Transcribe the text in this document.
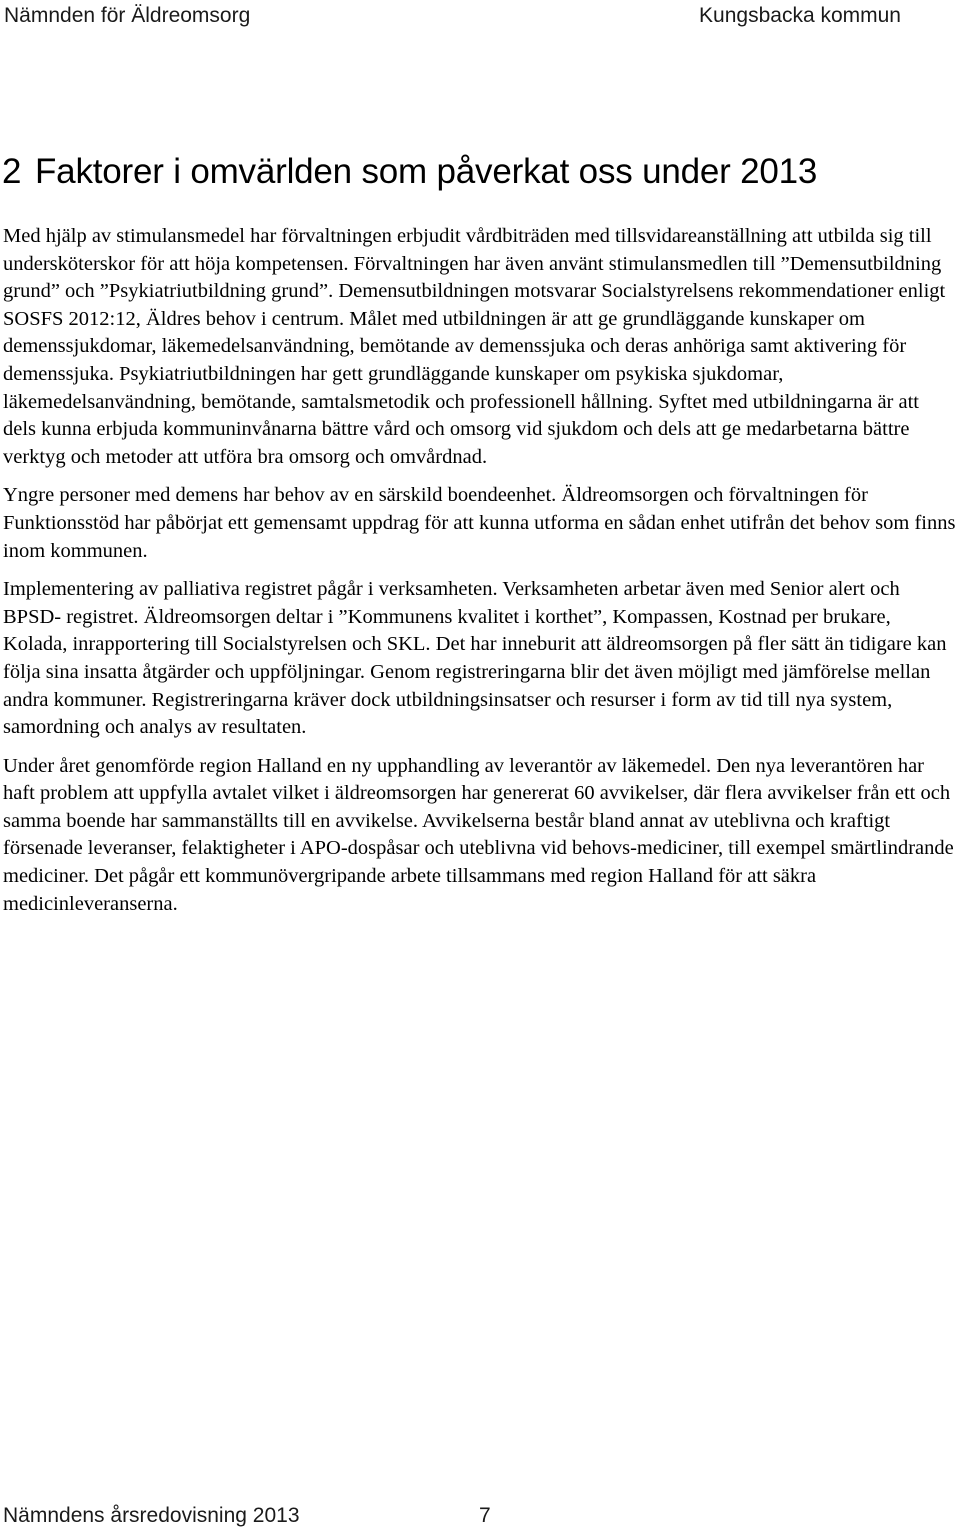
Nämnden för Äldreomsorg	Kungsbacka kommun
2 Faktorer i omvärlden som påverkat oss under 2013

Med hjälp av stimulansmedel har förvaltningen erbjudit vårdbiträden med tillsvidareanställning att utbilda sig till undersköterskor för att höja kompetensen. Förvaltningen har även använt stimulansmedlen till ”Demensutbildning grund” och ”Psykiatriutbildning grund”. Demensutbildningen motsvarar Socialstyrelsens rekommendationer enligt SOSFS 2012:12, Äldres behov i centrum. Målet med utbildningen är att ge grundläggande kunskaper om demenssjukdomar, läkemedelsanvändning, bemötande av demenssjuka och deras anhöriga samt aktivering för demenssjuka. Psykiatriutbildningen har gett grundläggande kunskaper om psykiska sjukdomar, läkemedelsanvändning, bemötande, samtalsmetodik och professionell hållning. Syftet med utbildningarna är att dels kunna erbjuda kommuninvånarna bättre vård och omsorg vid sjukdom och dels att ge medarbetarna bättre verktyg och metoder att utföra bra omsorg och omvårdnad.

Yngre personer med demens har behov av en särskild boendeenhet. Äldreomsorgen och förvaltningen för Funktionsstöd har påbörjat ett gemensamt uppdrag för att kunna utforma en sådan enhet utifrån det behov som finns inom kommunen.

Implementering av palliativa registret pågår i verksamheten. Verksamheten arbetar även med Senior alert och BPSD- registret. Äldreomsorgen deltar i ”Kommunens kvalitet i korthet”, Kompassen, Kostnad per brukare, Kolada, inrapportering till Socialstyrelsen och SKL. Det har inneburit att äldreomsorgen på fler sätt än tidigare kan följa sina insatta åtgärder och uppföljningar. Genom registreringarna blir det även möjligt med jämförelse mellan andra kommuner. Registreringarna kräver dock utbildningsinsatser och resurser i form av tid till nya system, samordning och analys av resultaten.

Under året genomförde region Halland en ny upphandling av leverantör av läkemedel. Den nya leverantören har haft problem att uppfylla avtalet vilket i äldreomsorgen har genererat 60 avvikelser, där flera avvikelser från ett och samma boende har sammanställts till en avvikelse. Avvikelserna består bland annat av uteblivna och kraftigt försenade leveranser, felaktigheter i APO-dospåsar och uteblivna vid behovs-mediciner, till exempel smärtlindrande mediciner. Det pågår ett kommunövergripande arbete tillsammans med region Halland för att säkra medicinleveranserna.

Nämndens årsredovisning 2013	7
